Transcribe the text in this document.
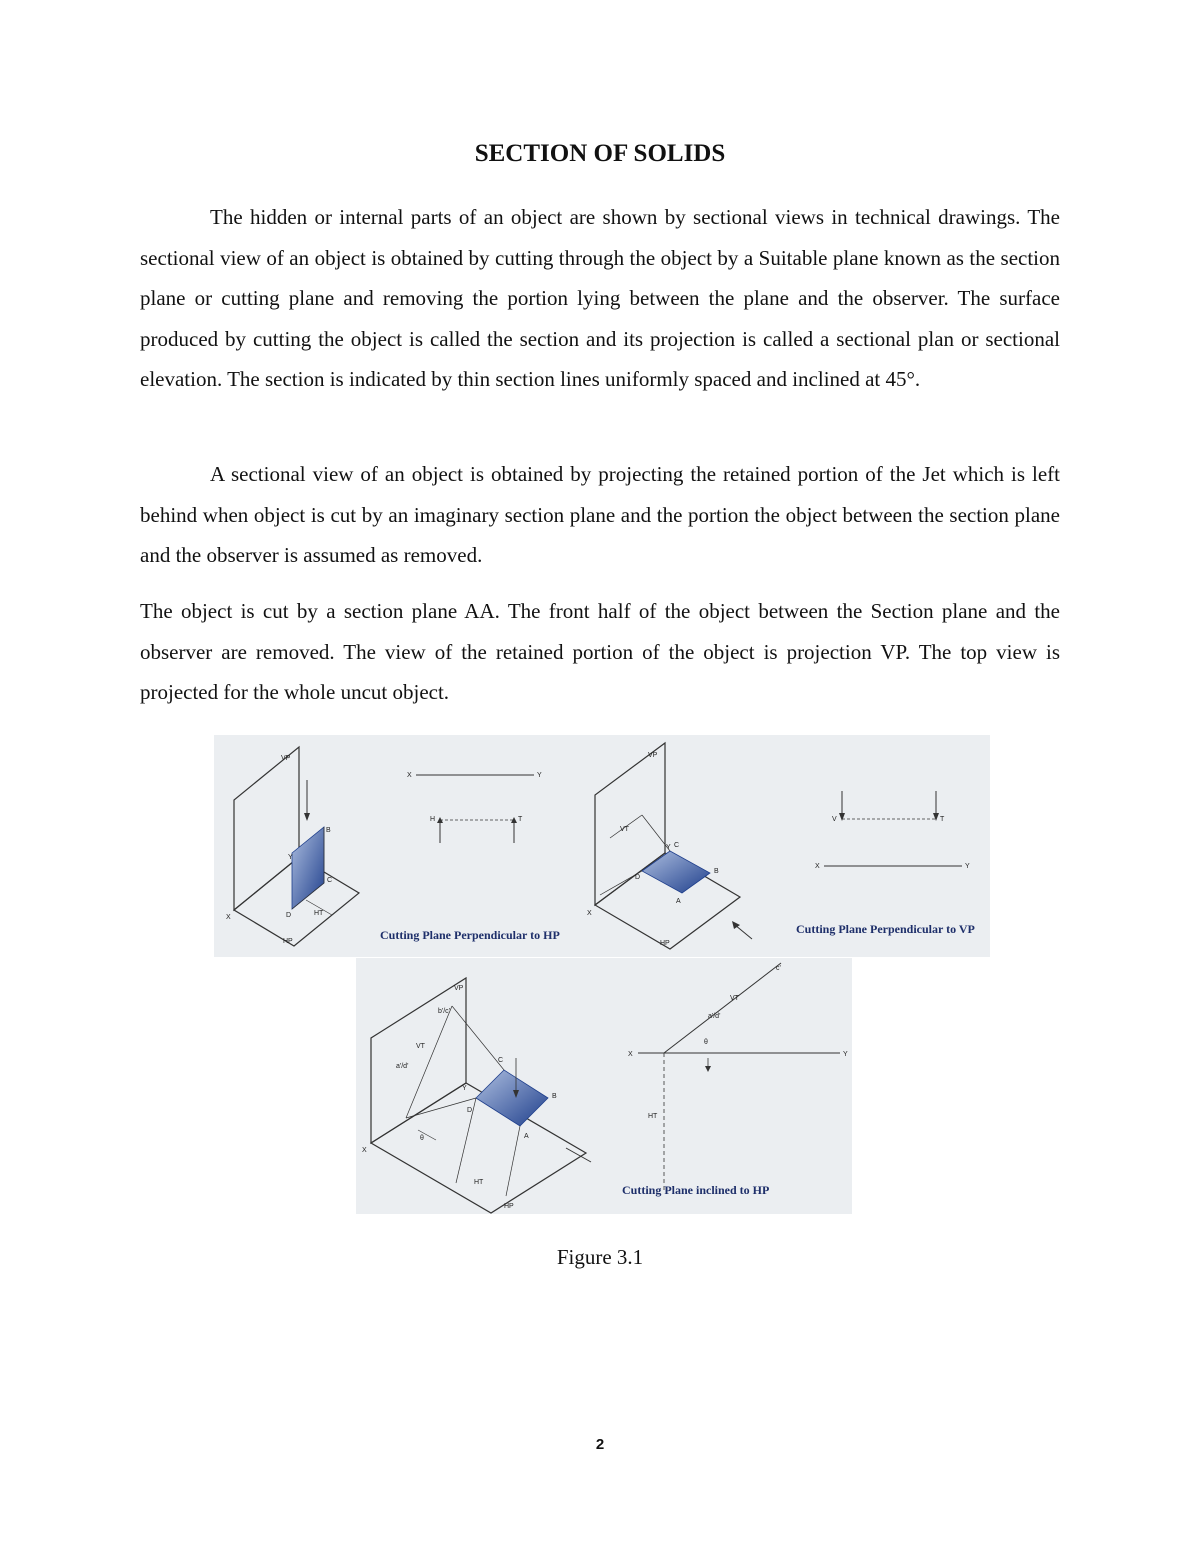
SECTION OF SOLIDS

The hidden or internal parts of an object are shown by sectional views in technical drawings. The sectional view of an object is obtained by cutting through the object by a Suitable plane known as the section plane or cutting plane and removing the portion lying between the plane and the observer. The surface produced by cutting the object is called the section and its projection is called a sectional plan or sectional elevation. The section is indicated by thin section lines uniformly spaced and inclined at 45°.

A sectional view of an object is obtained by projecting the retained portion of the Jet which is left behind when object is cut by an imaginary section plane and the portion the object between the section plane and the observer is assumed as removed.

The object is cut by a section plane AA. The front half of the object between the Section plane and the observer are removed. The view of the retained portion of the object is projection VP. The top view is projected for the whole uncut object.

VP
HP
X
Y
B
C
D	HT
X	Y
H	T
Cutting Plane Perpendicular to HP
VP
HP
X
Y C
B
D
A
VT
V	T
X	Y
Cutting Plane Perpendicular to VP
VP
HP
X
Y
C
B
D
A
VT
HT
a'/d'
b'/c'
θ
X	Y
VT
HT
c'
a'/d'
θ
Cutting Plane inclined to HP

Figure 3.1

2
